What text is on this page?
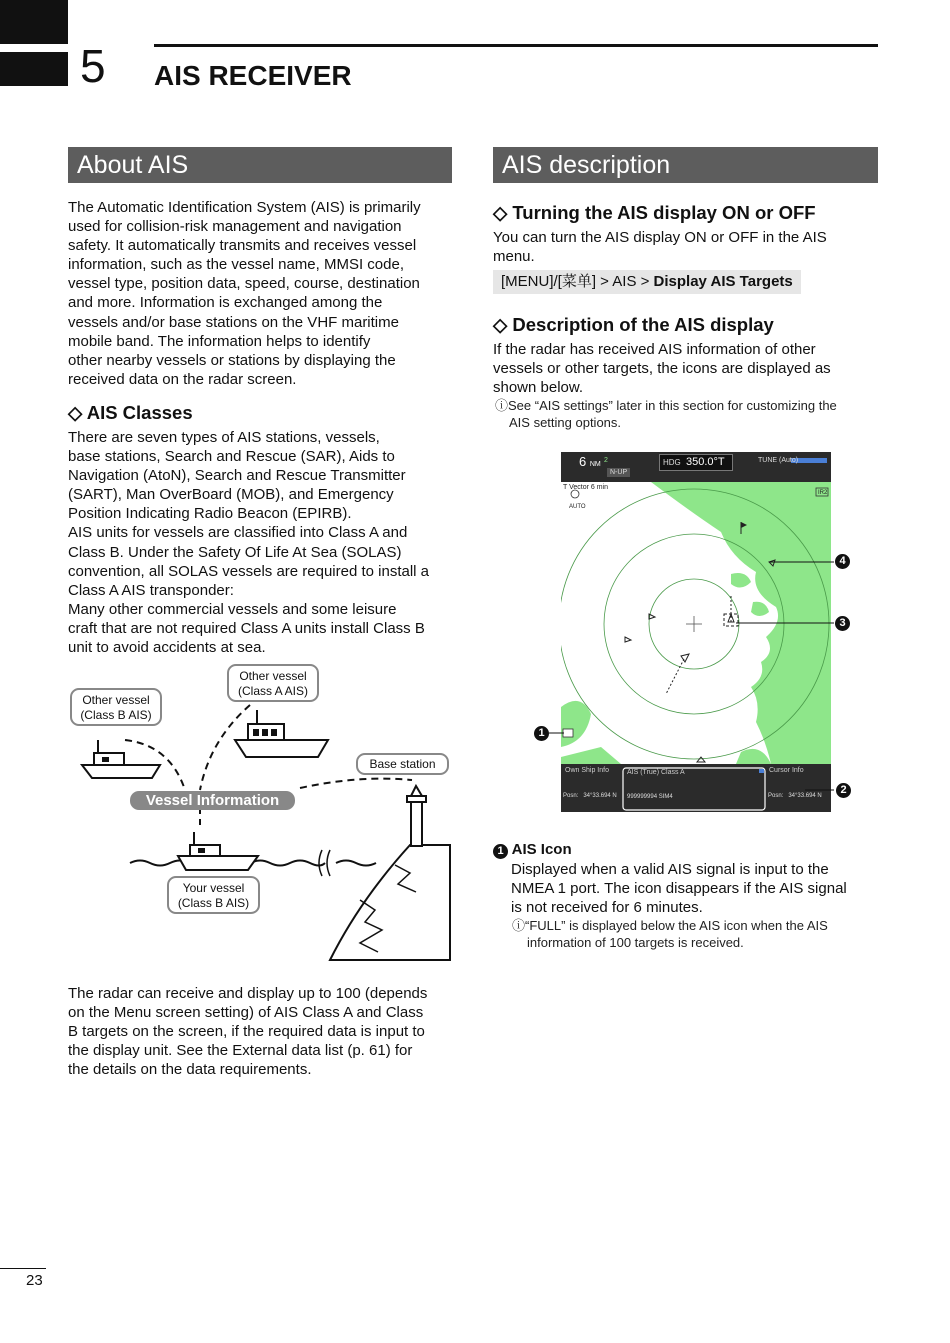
5 AIS RECEIVER
About AIS
The Automatic Identification System (AIS) is primarily
used for collision-risk management and navigation
safety. It automatically transmits and receives vessel
information, such as the vessel name, MMSI code,
vessel type, position data, speed, course, destination
and more. Information is exchanged among the
vessels and/or base stations on the VHF maritime
mobile band. The information helps to identify
other nearby vessels or stations by displaying the
received data on the radar screen.
◇ AIS Classes
There are seven types of AIS stations, vessels,
base stations, Search and Rescue (SAR), Aids to
Navigation (AtoN), Search and Rescue Transmitter
(SART), Man OverBoard (MOB), and Emergency
Position Indicating Radio Beacon (EPIRB).
AIS units for vessels are classified into Class A and
Class B. Under the Safety Of Life At Sea (SOLAS)
convention, all SOLAS vessels are required to install a
Class A AIS transponder:
Many other commercial vessels and some leisure
craft that are not required Class A units install Class B
unit to avoid accidents at sea.
Other vessel
(Class B AIS)
Other vessel
(Class A AIS)
Base station
Vessel Information
Your vessel
(Class B AIS)
The radar can receive and display up to 100 (depends
on the Menu screen setting) of AIS Class A and Class
B targets on the screen, if the required data is input to
the display unit. See the External data list (p. 61) for
the details on the data requirements.
AIS description
◇ Turning the AIS display ON or OFF
You can turn the AIS display ON or OFF in the AIS
menu.
[MENU]/[菜单] > AIS > Display AIS Targets
◇ Description of the AIS display
If the radar has received AIS information of other
vessels or other targets, the icons are displayed as
shown below.
ⓘSee “AIS settings” later in this section for customizing the
AIS setting options.
6 NM
2
N-UP
HDG 350.0°T	TUNE (Auto)
T Vector 6 min
AUTO
IR2
Own Ship Info

Posn:   34°33.694 N

AIS (True) Class A

999999994 SIM4

Cursor Info

Posn:   34°33.694 N

1
2
3
4
1 AIS Icon
Displayed when a valid AIS signal is input to the
NMEA 1 port. The icon disappears if the AIS signal
is not received for 6 minutes.
ⓘ“FULL” is displayed below the AIS icon when the AIS
information of 100 targets is received.
23
